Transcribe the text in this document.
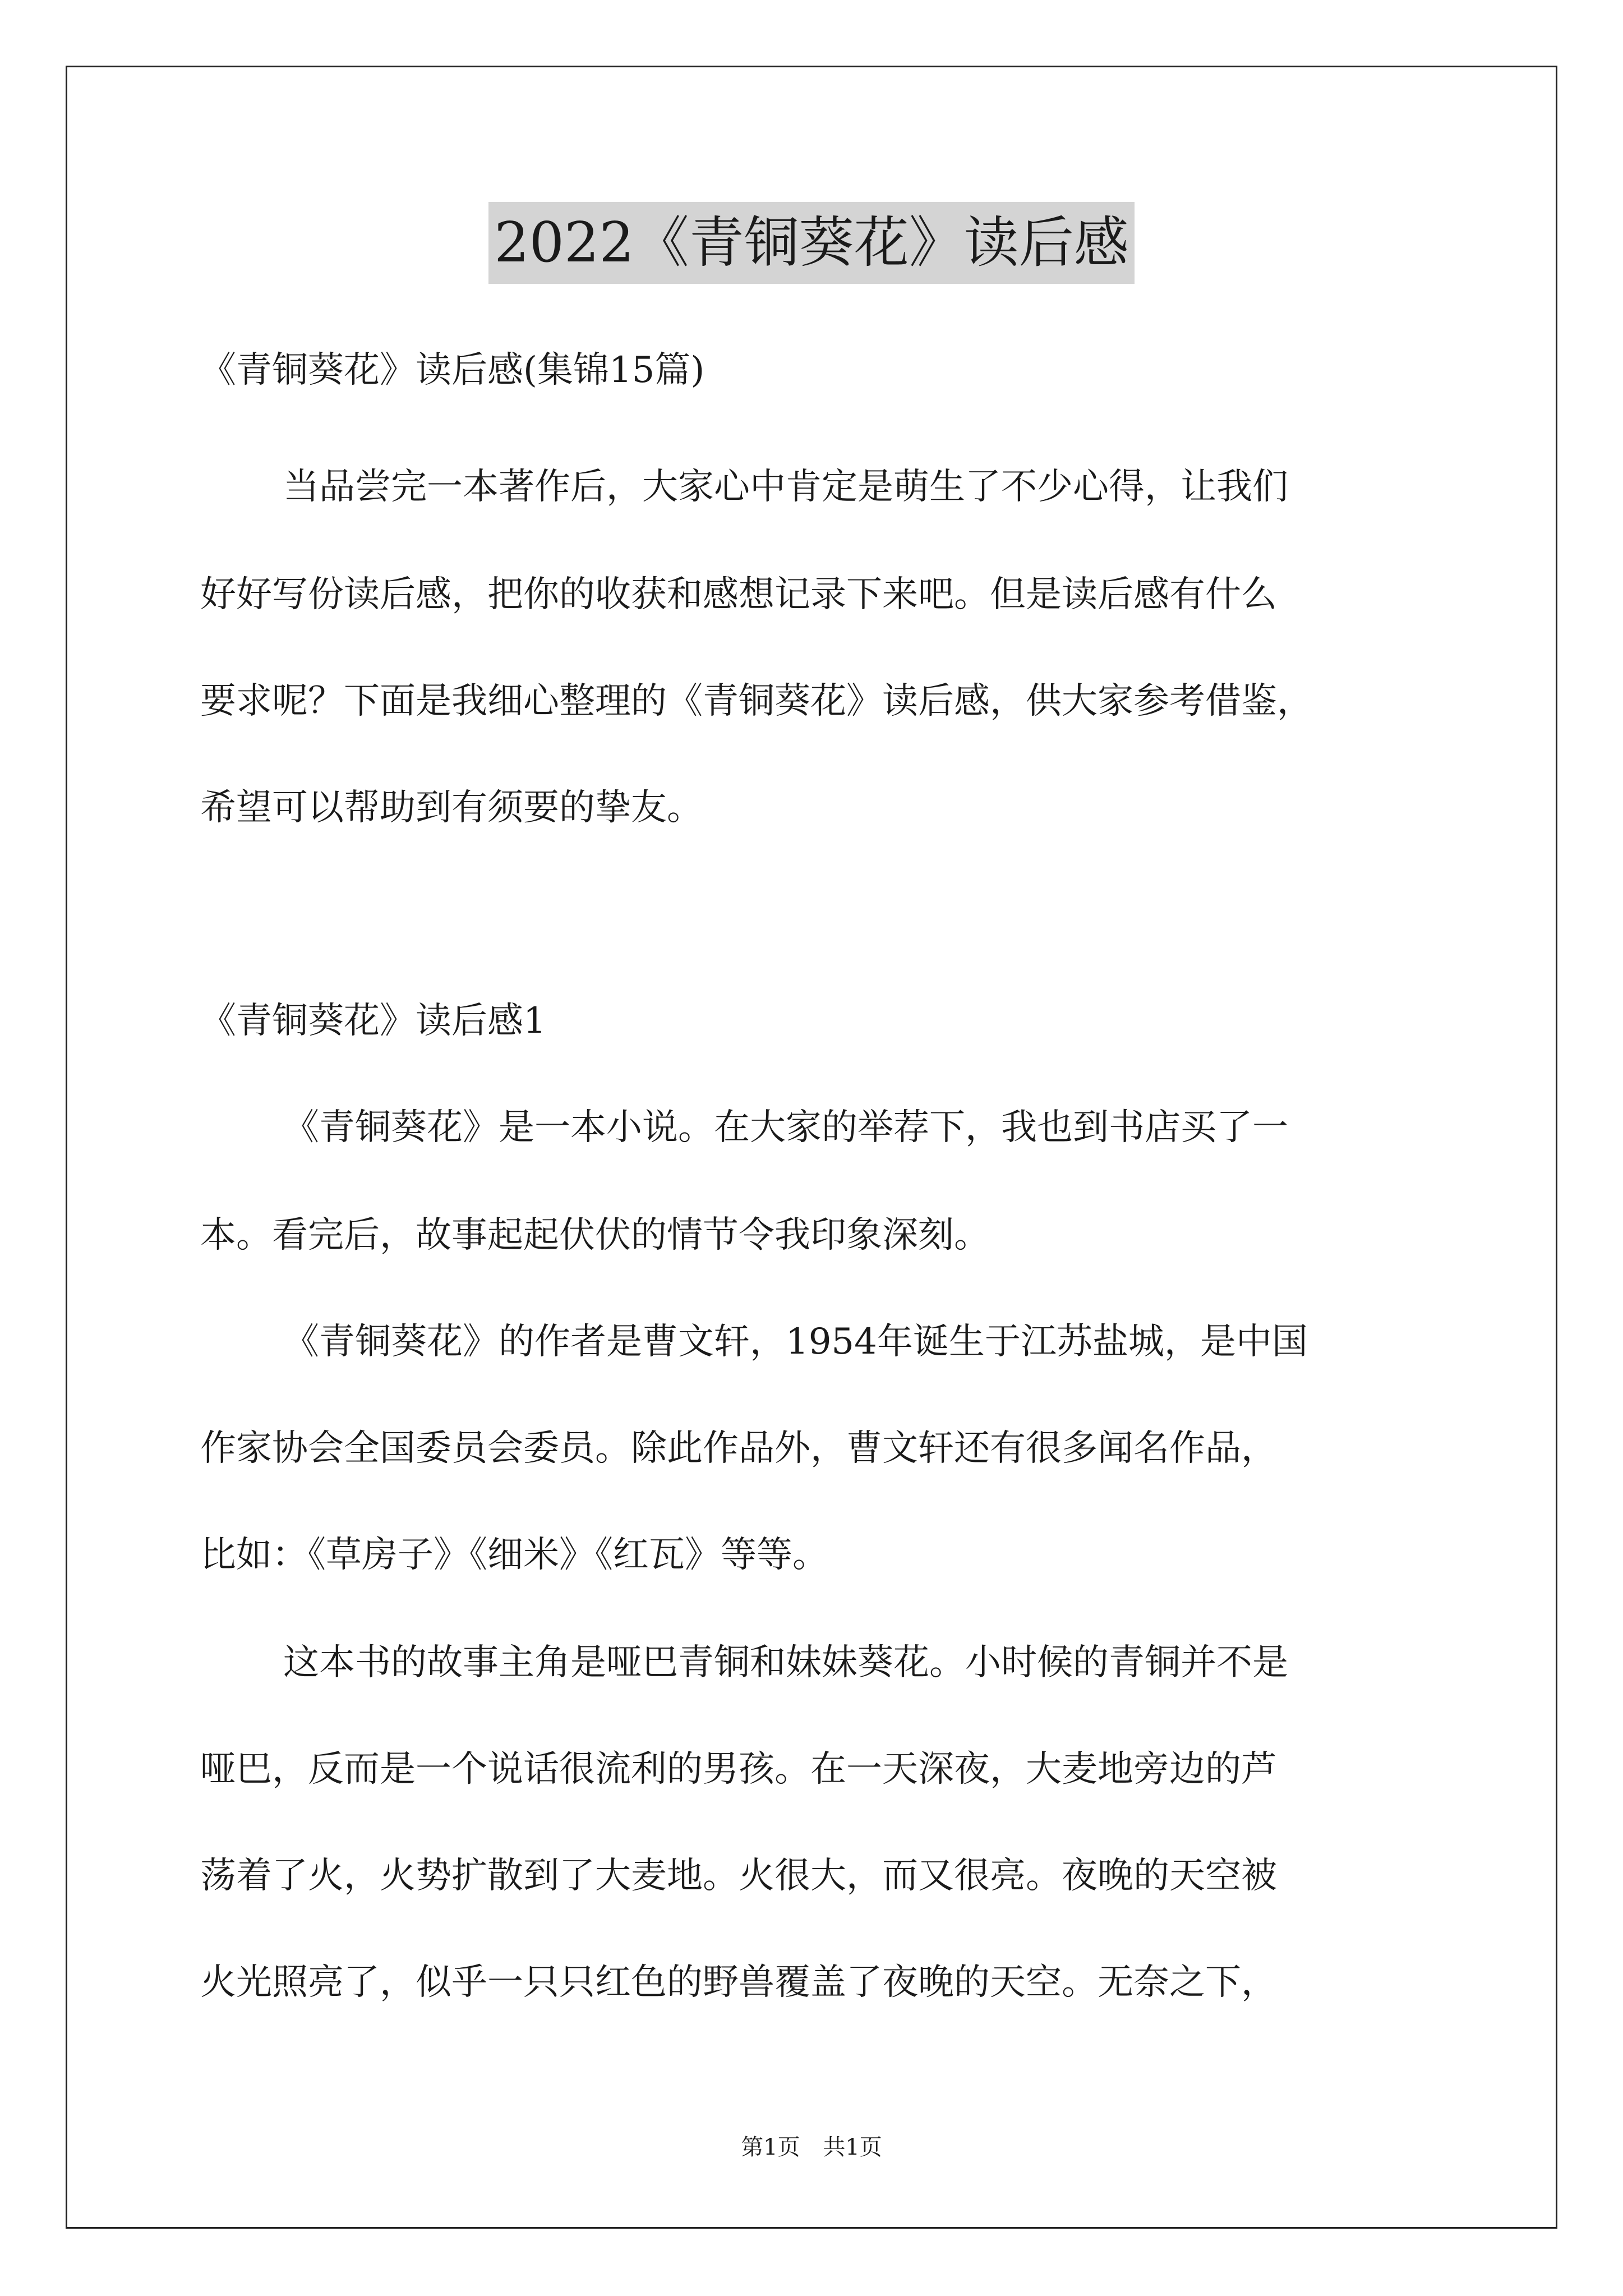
2022《青铜葵花》读后感
《青铜葵花》读后感(集锦15篇)
当品尝完一本著作后，大家心中肯定是萌生了不少心得，让我们
好好写份读后感，把你的收获和感想记录下来吧。但是读后感有什么
要求呢？下面是我细心整理的《青铜葵花》读后感，供大家参考借鉴，
希望可以帮助到有须要的挚友。
《青铜葵花》读后感1
《青铜葵花》是一本小说。在大家的举荐下，我也到书店买了一
本。看完后，故事起起伏伏的情节令我印象深刻。
《青铜葵花》的作者是曹文轩，1954年诞生于江苏盐城，是中国
作家协会全国委员会委员。除此作品外，曹文轩还有很多闻名作品，
比如：《草房子》《细米》《红瓦》等等。
这本书的故事主角是哑巴青铜和妹妹葵花。小时候的青铜并不是
哑巴，反而是一个说话很流利的男孩。在一天深夜，大麦地旁边的芦
荡着了火，火势扩散到了大麦地。火很大，而又很亮。夜晚的天空被
火光照亮了，似乎一只只红色的野兽覆盖了夜晚的天空。无奈之下，
第1页 共1页
